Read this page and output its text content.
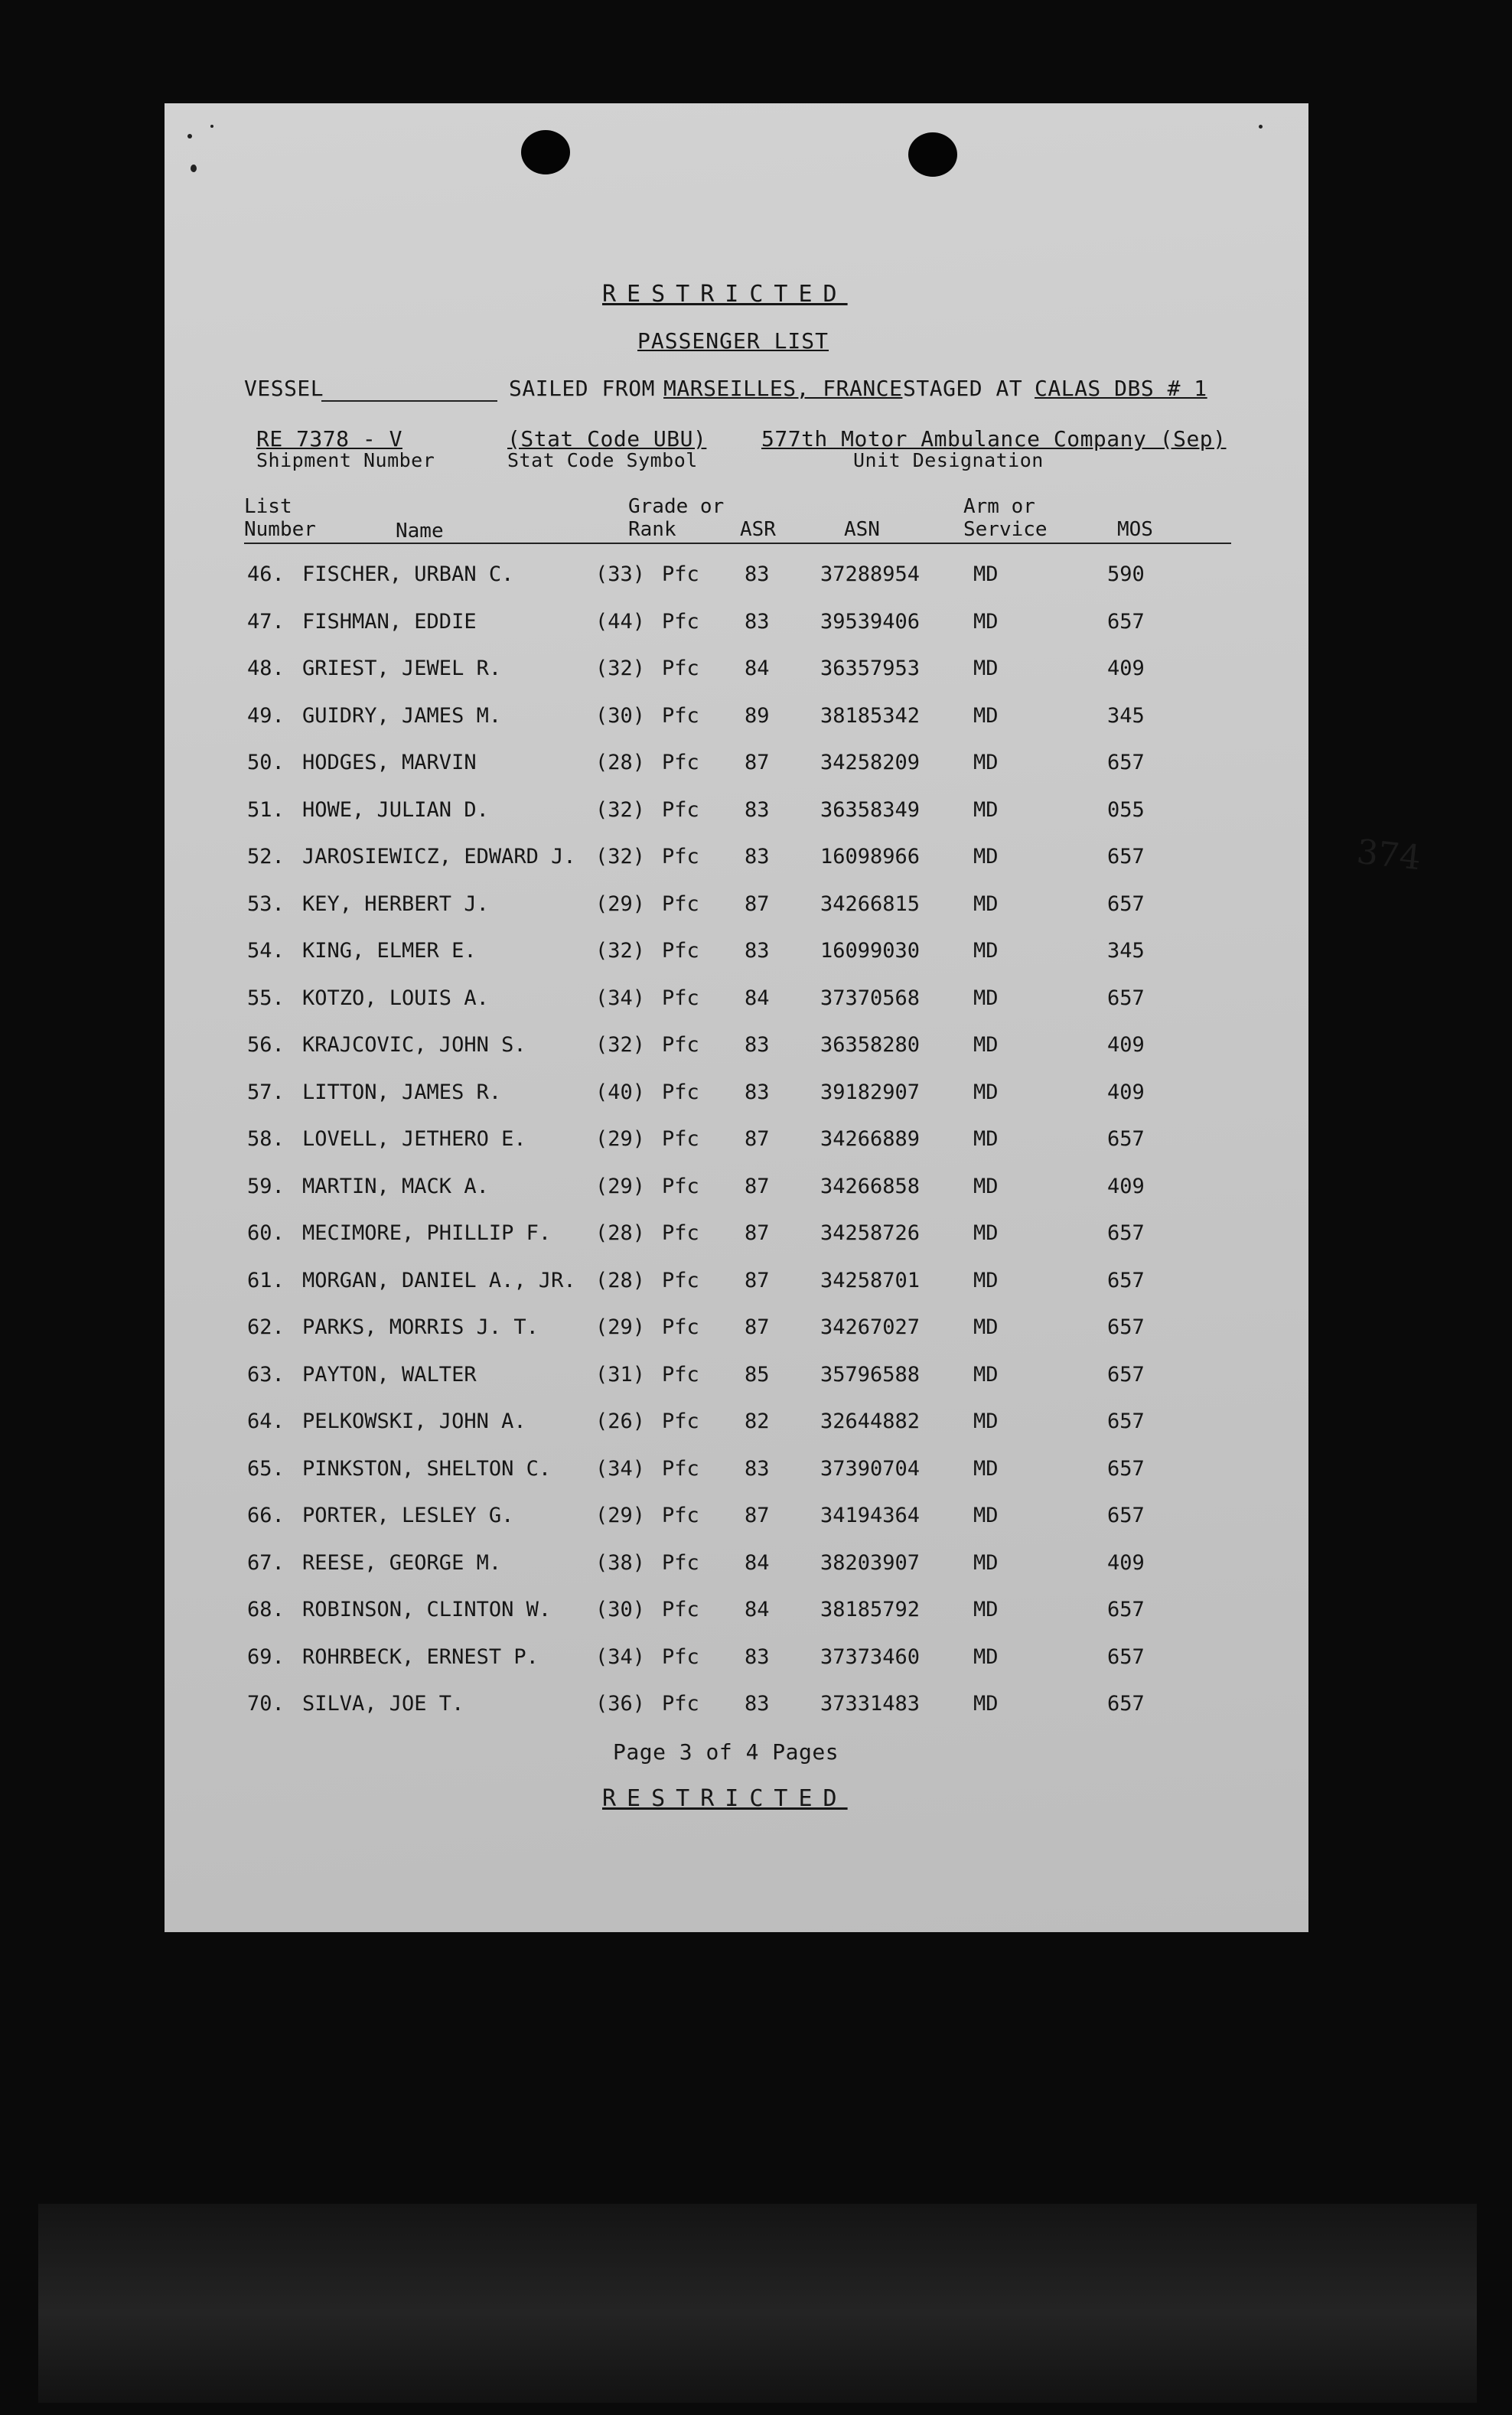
RESTRICTED
PASSENGER LIST
VESSEL	SAILED FROM MARSEILLES, FRANCE STAGED AT CALAS DBS # 1
RE 7378 - V
Shipment Number
(Stat Code UBU)
Stat Code Symbol
577th Motor Ambulance Company (Sep)
Unit Designation
List
Number	Name
Grade or
Rank	ASR	ASN
Arm or
Service	MOS
46. FISCHER, URBAN C.	(33) Pfc 83 37288954	MD	590
47. FISHMAN, EDDIE	(44) Pfc 83 39539406	MD	657
48. GRIEST, JEWEL R.	(32) Pfc 84 36357953	MD	409
49. GUIDRY, JAMES M.	(30) Pfc 89 38185342	MD	345
50. HODGES, MARVIN	(28) Pfc 87 34258209	MD	657
51. HOWE, JULIAN D.	(32) Pfc 83 36358349	MD	055
52. JAROSIEWICZ, EDWARD J. (32) Pfc 83 16098966	MD	657
53. KEY, HERBERT J.	(29) Pfc 87 34266815	MD	657
54. KING, ELMER E.	(32) Pfc 83 16099030	MD	345
55. KOTZO, LOUIS A.	(34) Pfc 84 37370568	MD	657
56. KRAJCOVIC, JOHN S.	(32) Pfc 83 36358280	MD	409
57. LITTON, JAMES R.	(40) Pfc 83 39182907	MD	409
58. LOVELL, JETHERO E.	(29) Pfc 87 34266889	MD	657
59. MARTIN, MACK A.	(29) Pfc 87 34266858	MD	409
60. MECIMORE, PHILLIP F. (28) Pfc 87 34258726	MD	657
61. MORGAN, DANIEL A., JR. (28) Pfc 87 34258701	MD	657
62. PARKS, MORRIS J. T.	(29) Pfc 87 34267027	MD	657
63. PAYTON, WALTER	(31) Pfc 85 35796588	MD	657
64. PELKOWSKI, JOHN A.	(26) Pfc 82 32644882	MD	657
65. PINKSTON, SHELTON C. (34) Pfc 83 37390704	MD	657
66. PORTER, LESLEY G.	(29) Pfc 87 34194364	MD	657
67. REESE, GEORGE M.	(38) Pfc 84 38203907	MD	409
68. ROBINSON, CLINTON W. (30) Pfc 84 38185792	MD	657
69. ROHRBECK, ERNEST P.	(34) Pfc 83 37373460	MD	657
70. SILVA, JOE T.	(36) Pfc 83 37331483	MD	657
Page 3 of 4 Pages
RESTRICTED
374
